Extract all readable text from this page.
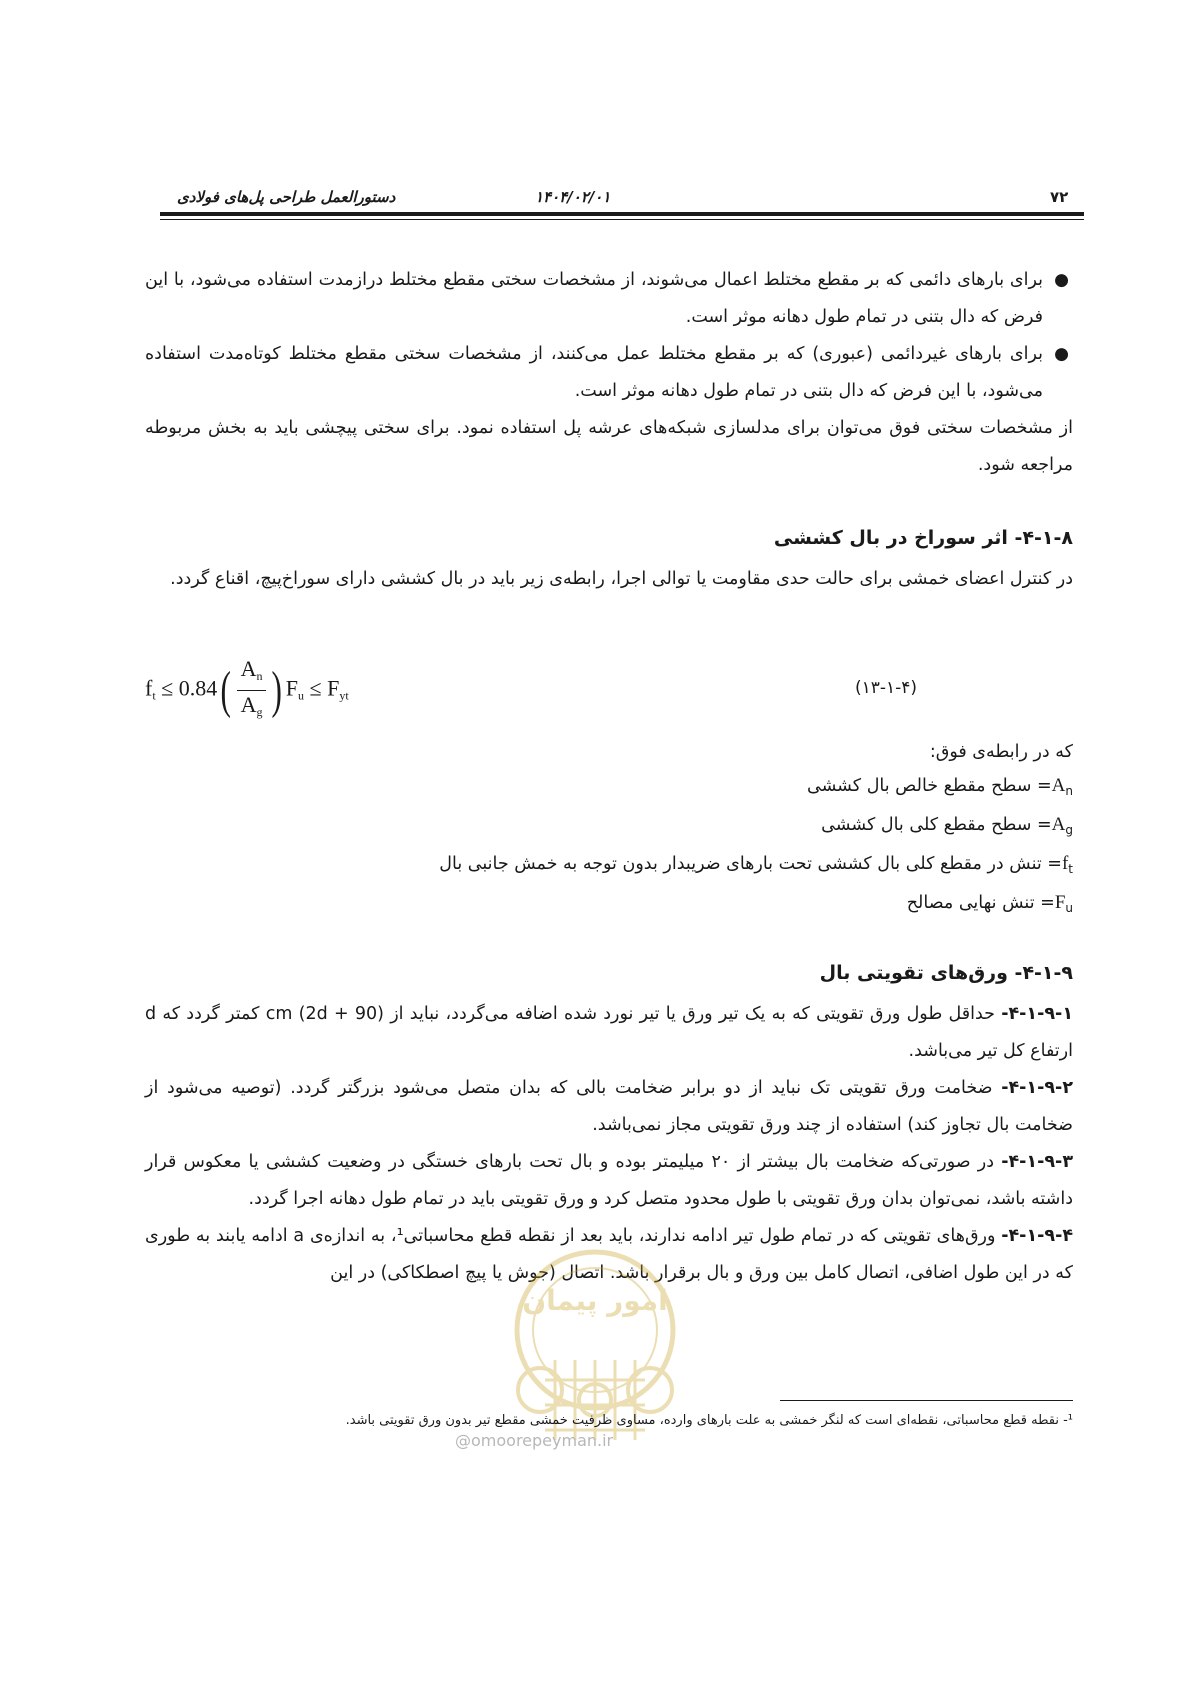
دستورالعمل طراحی پل‌های فولادی	۱۴۰۴/۰۲/۰۱	۷۲
●
برای بارهای دائمی که بر مقطع مختلط اعمال می‌شوند، از مشخصات سختی مقطع مختلط درازمدت استفاده می‌شود، با این فرض که دال بتنی در تمام طول دهانه موثر است.
●
برای بارهای غیردائمی (عبوری) که بر مقطع مختلط عمل می‌کنند، از مشخصات سختی مقطع مختلط کوتاه‌مدت استفاده می‌شود، با این فرض که دال بتنی در تمام طول دهانه موثر است.
از مشخصات سختی فوق می‌توان برای مدلسازی شبکه‌های عرشه پل استفاده نمود. برای سختی پیچشی باید به بخش مربوطه مراجعه شود.
۴-۱-۸- اثر سوراخ در بال کششی
در کنترل اعضای خمشی برای حالت حدی مقاومت یا توالی اجرا، رابطه‌ی زیر باید در بال کششی دارای سوراخ‌پیچ، اقناع گردد.
$f_t \le 0.84( \frac{A_n}{A_g}$ ) $F_u \le F_{yt}$	(۱۳-۱-۴)
که در رابطه‌ی فوق:
$A_n=$ سطح مقطع خالص بال کششی
$A_g=$ سطح مقطع کلی بال کششی
$f_t=$ تنش در مقطع کلی بال کششی تحت بارهای ضریبدار بدون توجه به خمش جانبی بال
$F_u=$ تنش نهایی مصالح
۴-۱-۹- ورق‌های تقویتی بال
۴-۱-۹-۱- حداقل طول ورق تقویتی که به یک تیر ورق یا تیر نورد شده اضافه می‌گردد، نباید از cm (2d + 90) کمتر گردد که d ارتفاع کل تیر می‌باشد.
۴-۱-۹-۲- ضخامت ورق تقویتی تک نباید از دو برابر ضخامت بالی که بدان متصل می‌شود بزرگتر گردد. (توصیه می‌شود از ضخامت بال تجاوز کند) استفاده از چند ورق تقویتی مجاز نمی‌باشد.
۴-۱-۹-۳- در صورتی‌که ضخامت بال بیشتر از ۲۰ میلیمتر بوده و بال تحت بارهای خستگی در وضعیت کششی یا معکوس قرار داشته باشد، نمی‌توان بدان ورق تقویتی با طول محدود متصل کرد و ورق تقویتی باید در تمام طول دهانه اجرا گردد.
۴-۱-۹-۴- ورق‌های تقویتی که در تمام طول تیر ادامه ندارند، باید بعد از نقطه قطع محاسباتی¹، به اندازه‌ی a ادامه یابند به طوری که در این طول اضافی، اتصال کامل بین ورق و بال برقرار باشد. اتصال (جوش یا پیچ اصطکاکی) در این
امور پیمان
@omoorepeyman.ir
¹- نقطه قطع محاسباتی، نقطه‌ای است که لنگر خمشی به علت بارهای وارده، مساوی ظرفیت خمشی مقطع تیر بدون ورق تقویتی باشد.
